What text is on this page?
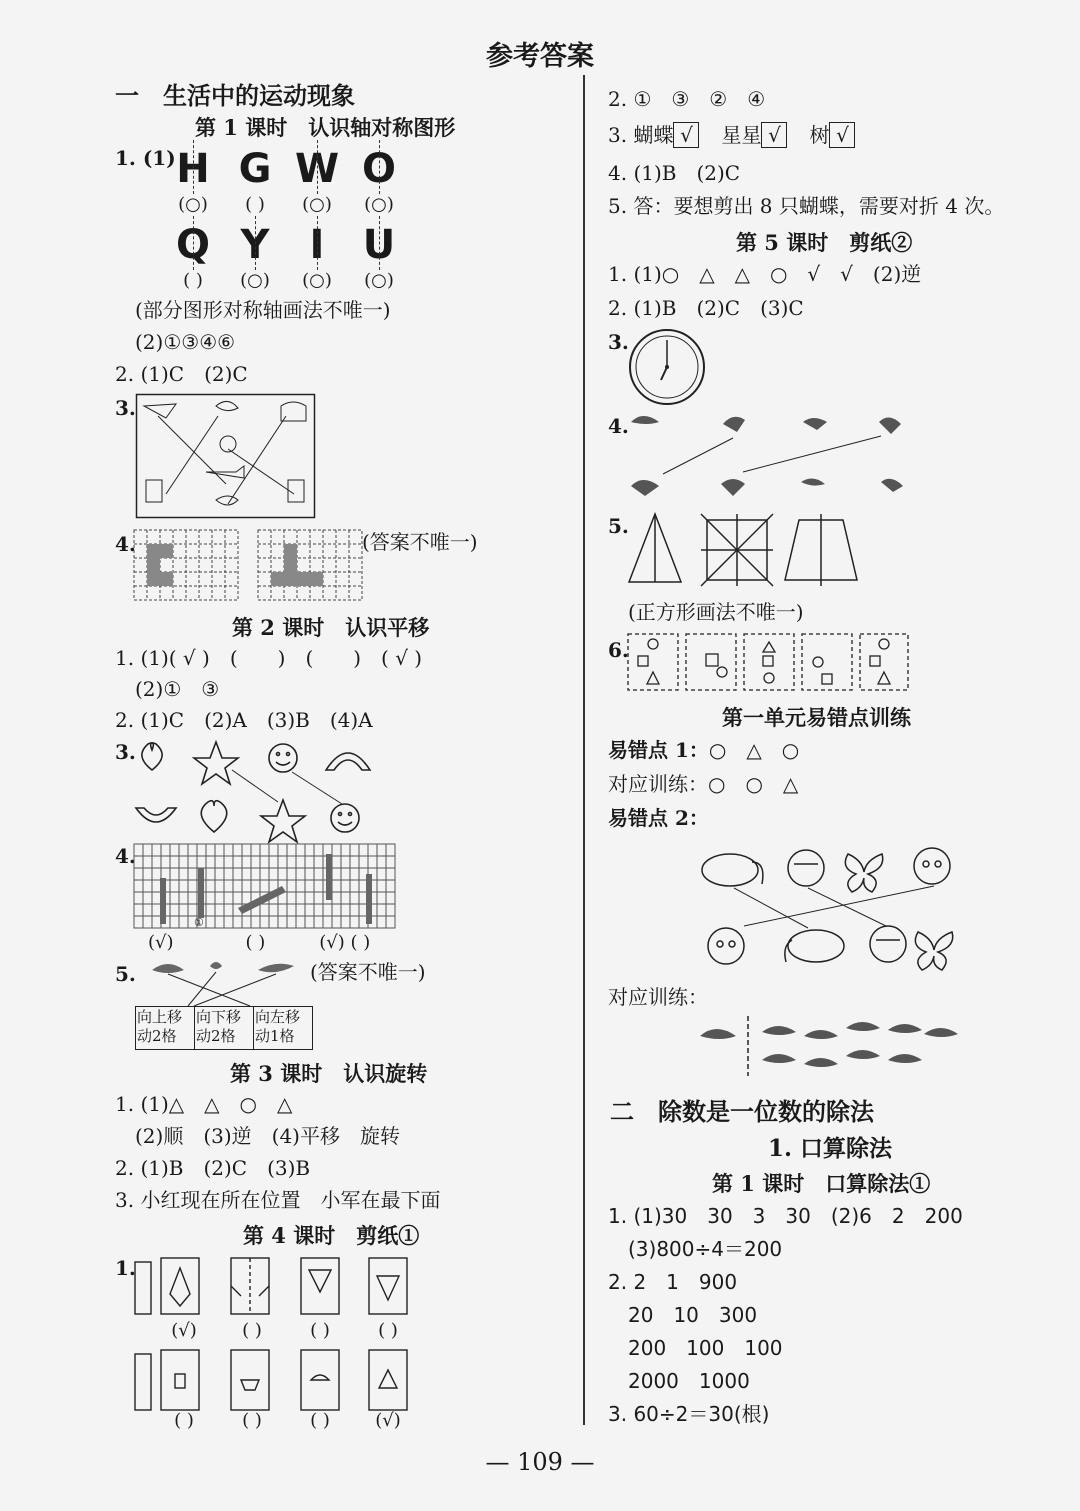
参考答案
一　生活中的运动现象
第 1 课时　认识轴对称图形
1. (1) H G W O
(○) ( ) (○) (○)
Q Y I U
( ) (○) (○) (○)
(部分图形对称轴画法不唯一)
(2)①③④⑥
2. (1)C　(2)C
3.
4.	(答案不唯一)
第 2 课时　认识平移
1. (1)( √ )　(　　)　(　　)　( √ )
(2)①　③
2. (1)C　(2)A　(3)B　(4)A
3.
4.
①
(√)　　　　( )　　　(√) ( )
5.	(答案不唯一)
向上移动2格
向下移动2格
向左移动1格
第 3 课时　认识旋转
1. (1)△　△　○　△
(2)顺　(3)逆　(4)平移　旋转
2. (1)B　(2)C　(3)B
3. 小红现在所在位置　小军在最下面
第 4 课时　剪纸①
1.
(√)	( )	( )	( )
( )	( )	( )	(√)
2. ①　③　②　④
3. 蝴蝶 √ 星星 √ 树 √
4. (1)B　(2)C
5. 答：要想剪出 8 只蝴蝶，需要对折 4 次。
第 5 课时　剪纸②
1. (1)○　△　△　○　√　√　(2)逆
2. (1)B　(2)C　(3)C
3.
4.
5.
(正方形画法不唯一)
6.
第一单元易错点训练
易错点 1：○　△　○
对应训练：○　○　△
易错点 2：
对应训练：
二　除数是一位数的除法
1. 口算除法
第 1 课时　口算除法①
1. (1)30　30　3　30　(2)6　2　200
(3)800÷4＝200
2. 2　1　900
20　10　300
200　100　100
2000　1000
3. 60÷2＝30(根)
— 109 —
